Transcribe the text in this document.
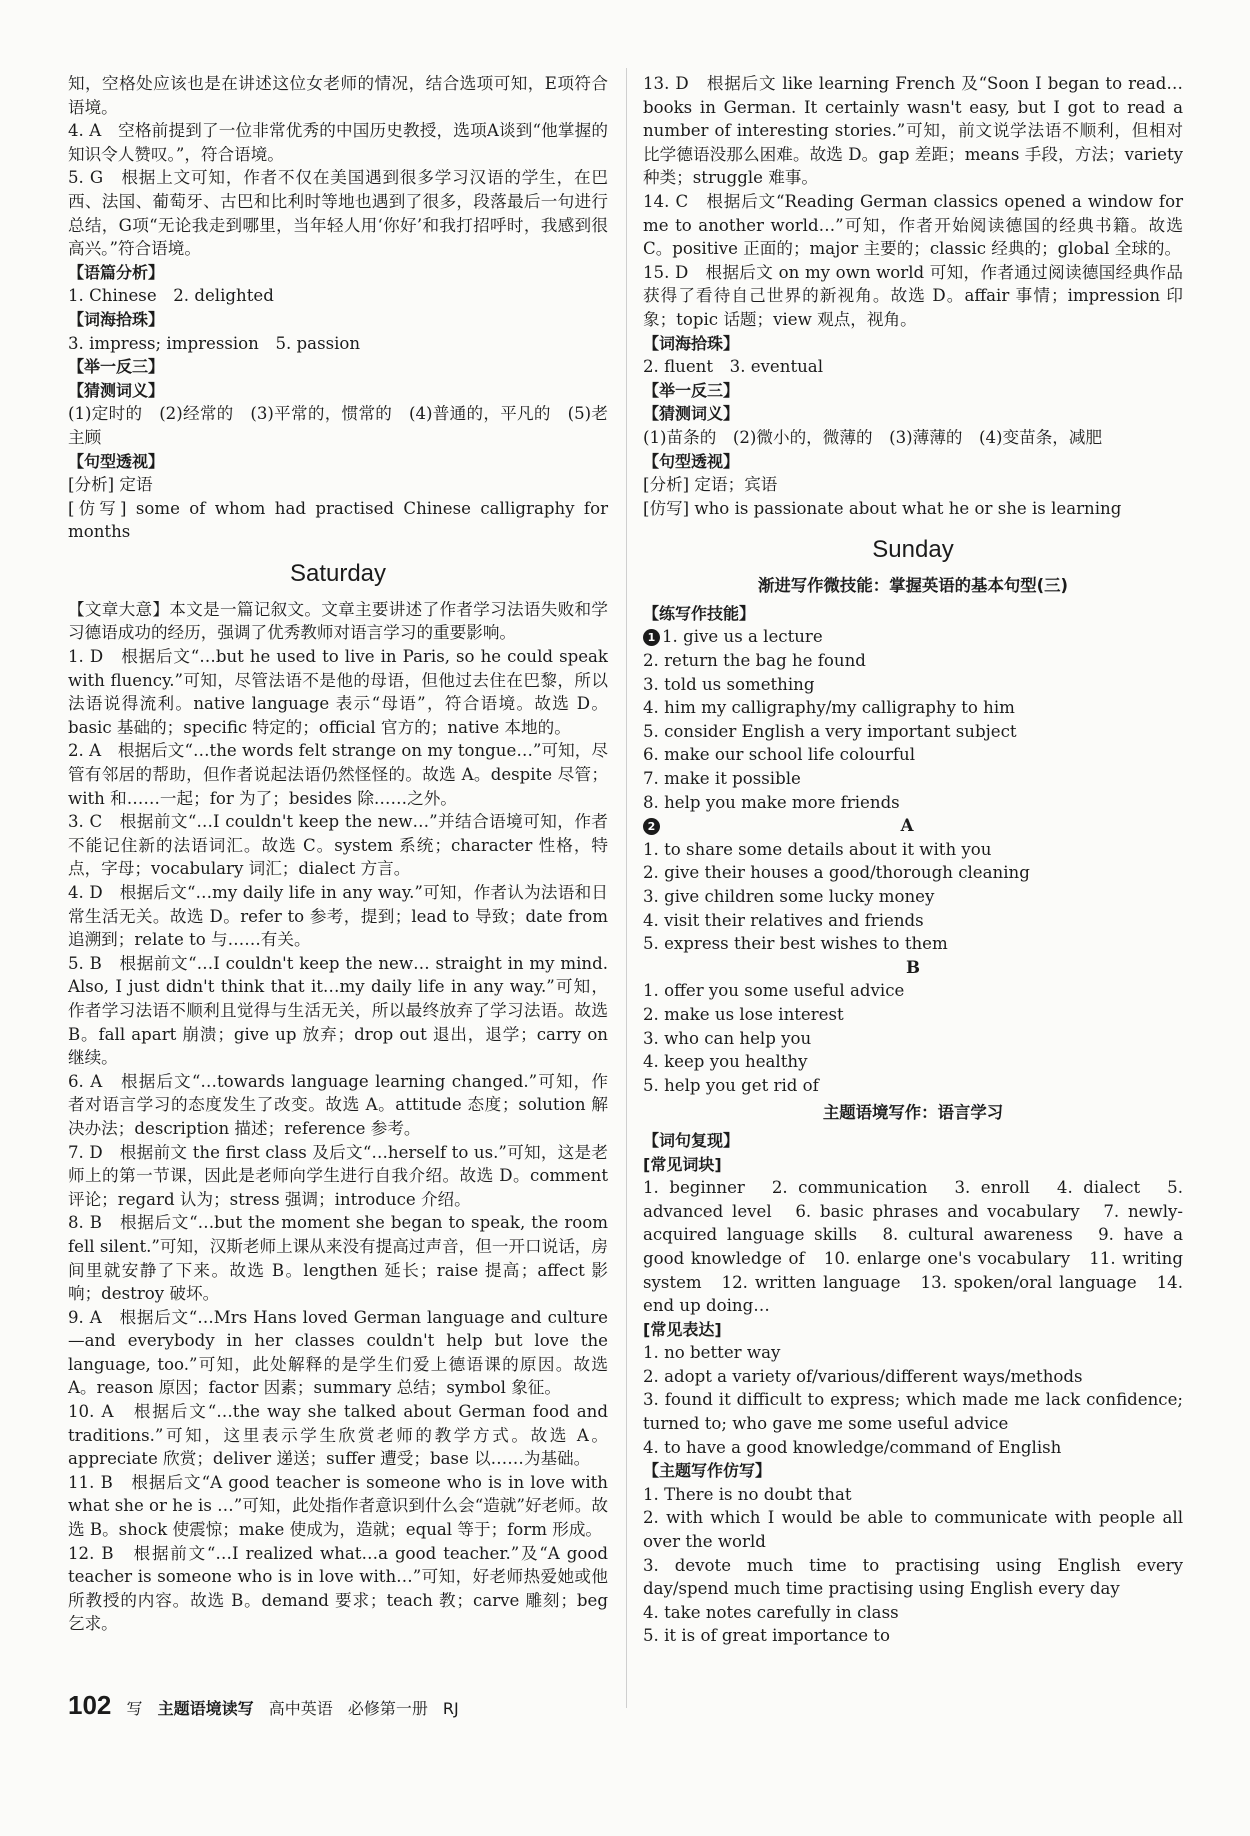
知，空格处应该也是在讲述这位女老师的情况，结合选项可知，E项符合语境。

4. A　空格前提到了一位非常优秀的中国历史教授，选项A谈到“他掌握的知识令人赞叹。”，符合语境。

5. G　根据上文可知，作者不仅在美国遇到很多学习汉语的学生，在巴西、法国、葡萄牙、古巴和比利时等地也遇到了很多，段落最后一句进行总结，G项“无论我走到哪里，当年轻人用‘你好’和我打招呼时，我感到很高兴。”符合语境。

【语篇分析】

1. Chinese　2. delighted

【词海拾珠】

3. impress; impression　5. passion

【举一反三】

【猜测词义】

(1)定时的　(2)经常的　(3)平常的，惯常的　(4)普通的，平凡的　(5)老主顾

【句型透视】

[分析] 定语

[仿写] some of whom had practised Chinese calligraphy for months

Saturday

【文章大意】本文是一篇记叙文。文章主要讲述了作者学习法语失败和学习德语成功的经历，强调了优秀教师对语言学习的重要影响。

1. D　根据后文“…but he used to live in Paris, so he could speak with fluency.”可知，尽管法语不是他的母语，但他过去住在巴黎，所以法语说得流利。native language 表示“母语”，符合语境。故选 D。basic 基础的；specific 特定的；official 官方的；native 本地的。

2. A　根据后文“…the words felt strange on my tongue…”可知，尽管有邻居的帮助，但作者说起法语仍然怪怪的。故选 A。despite 尽管；with 和……一起；for 为了；besides 除……之外。

3. C　根据前文“…I couldn't keep the new…”并结合语境可知，作者不能记住新的法语词汇。故选 C。system 系统；character 性格，特点，字母；vocabulary 词汇；dialect 方言。

4. D　根据后文“…my daily life in any way.”可知，作者认为法语和日常生活无关。故选 D。refer to 参考，提到；lead to 导致；date from 追溯到；relate to 与……有关。

5. B　根据前文“…I couldn't keep the new… straight in my mind. Also, I just didn't think that it…my daily life in any way.”可知，作者学习法语不顺利且觉得与生活无关，所以最终放弃了学习法语。故选 B。fall apart 崩溃；give up 放弃；drop out 退出，退学；carry on 继续。

6. A　根据后文“…towards language learning changed.”可知，作者对语言学习的态度发生了改变。故选 A。attitude 态度；solution 解决办法；description 描述；reference 参考。

7. D　根据前文 the first class 及后文“…herself to us.”可知，这是老师上的第一节课，因此是老师向学生进行自我介绍。故选 D。comment 评论；regard 认为；stress 强调；introduce 介绍。

8. B　根据后文“…but the moment she began to speak, the room fell silent.”可知，汉斯老师上课从来没有提高过声音，但一开口说话，房间里就安静了下来。故选 B。lengthen 延长；raise 提高；affect 影响；destroy 破坏。

9. A　根据后文“…Mrs Hans loved German language and culture—and everybody in her classes couldn't help but love the language, too.”可知，此处解释的是学生们爱上德语课的原因。故选 A。reason 原因；factor 因素；summary 总结；symbol 象征。

10. A　根据后文“…the way she talked about German food and traditions.”可知，这里表示学生欣赏老师的教学方式。故选 A。appreciate 欣赏；deliver 递送；suffer 遭受；base 以……为基础。

11. B　根据后文“A good teacher is someone who is in love with what she or he is …”可知，此处指作者意识到什么会“造就”好老师。故选 B。shock 使震惊；make 使成为，造就；equal 等于；form 形成。

12. B　根据前文“…I realized what…a good teacher.”及“A good teacher is someone who is in love with…”可知，好老师热爱她或他所教授的内容。故选 B。demand 要求；teach 教；carve 雕刻；beg 乞求。

13. D　根据后文 like learning French 及“Soon I began to read…books in German. It certainly wasn't easy, but I got to read a number of interesting stories.”可知，前文说学法语不顺利，但相对比学德语没那么困难。故选 D。gap 差距；means 手段，方法；variety 种类；struggle 难事。

14. C　根据后文“Reading German classics opened a window for me to another world…”可知，作者开始阅读德国的经典书籍。故选 C。positive 正面的；major 主要的；classic 经典的；global 全球的。

15. D　根据后文 on my own world 可知，作者通过阅读德国经典作品获得了看待自己世界的新视角。故选 D。affair 事情；impression 印象；topic 话题；view 观点，视角。

【词海拾珠】

2. fluent　3. eventual

【举一反三】

【猜测词义】

(1)苗条的　(2)微小的，微薄的　(3)薄薄的　(4)变苗条，减肥

【句型透视】

[分析] 定语；宾语

[仿写] who is passionate about what he or she is learning

Sunday

渐进写作微技能：掌握英语的基本句型(三)

【练写作技能】

1 1. give us a lecture

2. return the bag he found

3. told us something

4. him my calligraphy/my calligraphy to him

5. consider English a very important subject

6. make our school life colourful

7. make it possible

8. help you make more friends

2	A

1. to share some details about it with you

2. give their houses a good/thorough cleaning

3. give children some lucky money

4. visit their relatives and friends

5. express their best wishes to them

B

1. offer you some useful advice

2. make us lose interest

3. who can help you

4. keep you healthy

5. help you get rid of

主题语境写作：语言学习

【词句复现】

[常见词块]

1. beginner　2. communication　3. enroll　4. dialect　5. advanced level　6. basic phrases and vocabulary　7. newly-acquired language skills　8. cultural awareness　9. have a good knowledge of　10. enlarge one's vocabulary　11. writing system　12. written language　13. spoken/oral language　14. end up doing…

[常见表达]

1. no better way

2. adopt a variety of/various/different ways/methods

3. found it difficult to express; which made me lack confidence; turned to; who gave me some useful advice

4. to have a good knowledge/command of English

【主题写作仿写】

1. There is no doubt that

2. with which I would be able to communicate with people all over the world

3. devote much time to practising using English every day/spend much time practising using English every day

4. take notes carefully in class

5. it is of great importance to

102 写 主题语境读写 高中英语 必修第一册 RJ
